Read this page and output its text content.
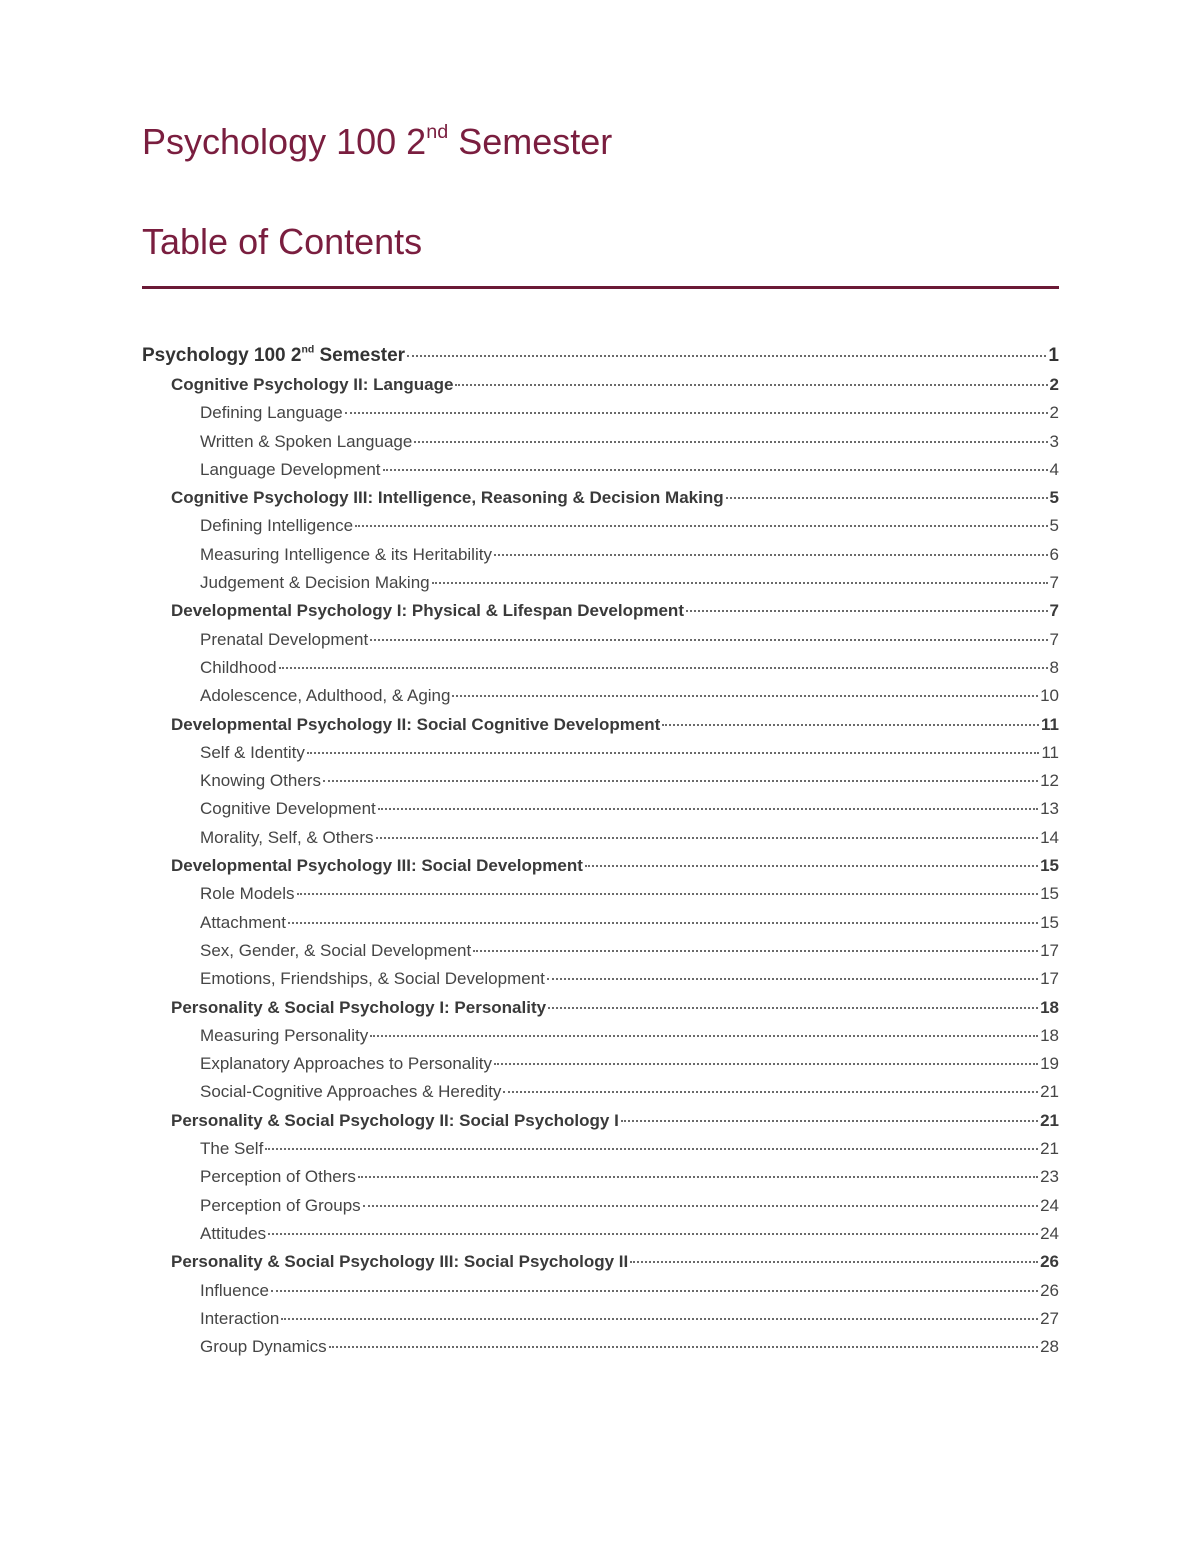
Psychology 100 2nd Semester
Table of Contents
Psychology 100 2nd Semester	1
Cognitive Psychology II: Language	2
Defining Language	2
Written & Spoken Language	3
Language Development	4
Cognitive Psychology III: Intelligence, Reasoning & Decision Making	5
Defining Intelligence	5
Measuring Intelligence & its Heritability	6
Judgement & Decision Making	7
Developmental Psychology I: Physical & Lifespan Development	7
Prenatal Development	7
Childhood	8
Adolescence, Adulthood, & Aging	10
Developmental Psychology II: Social Cognitive Development	11
Self & Identity	11
Knowing Others	12
Cognitive Development	13
Morality, Self, & Others	14
Developmental Psychology III: Social Development	15
Role Models	15
Attachment	15
Sex, Gender, & Social Development	17
Emotions, Friendships, & Social Development	17
Personality & Social Psychology I: Personality	18
Measuring Personality	18
Explanatory Approaches to Personality	19
Social-Cognitive Approaches & Heredity	21
Personality & Social Psychology II: Social Psychology I	21
The Self	21
Perception of Others	23
Perception of Groups	24
Attitudes	24
Personality & Social Psychology III: Social Psychology II	26
Influence	26
Interaction	27
Group Dynamics	28
